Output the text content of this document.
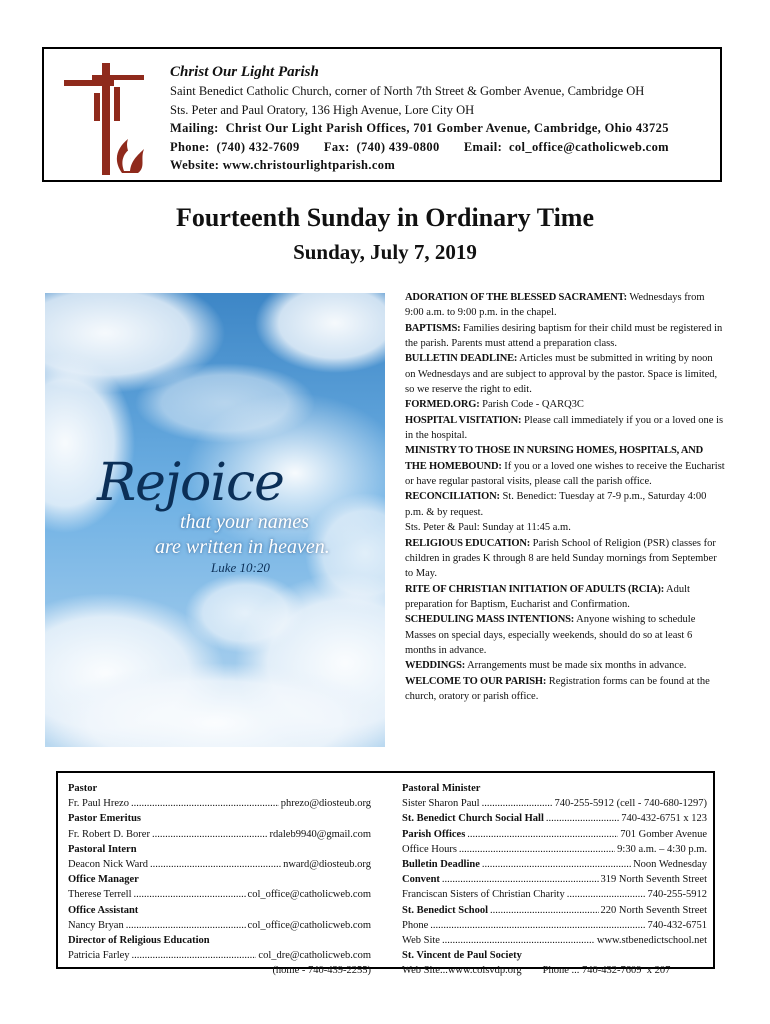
Christ Our Light Parish
Saint Benedict Catholic Church, corner of North 7th Street & Gomber Avenue, Cambridge OH
Sts. Peter and Paul Oratory, 136 High Avenue, Lore City OH
Mailing:  Christ Our Light Parish Offices, 701 Gomber Avenue, Cambridge, Ohio 43725
Phone:  (740) 432-7609       Fax:  (740) 439-0800       Email:  col_office@catholicweb.com
Website: www.christourlightparish.com
Fourteenth Sunday in Ordinary Time
Sunday, July 7, 2019
Rejoice
that your names
are written in heaven.
Luke 10:20

ADORATION OF THE BLESSED SACRAMENT: Wednesdays from 9:00 a.m. to 9:00 p.m. in the chapel.

BAPTISMS: Families desiring baptism for their child must be registered in the parish. Parents must attend a preparation class.

BULLETIN DEADLINE: Articles must be submitted in writing by noon on Wednesdays and are subject to approval by the pastor. Space is limited, so we reserve the right to edit.

FORMED.ORG: Parish Code - QARQ3C

HOSPITAL VISITATION: Please call immediately if you or a loved one is in the hospital.

MINISTRY TO THOSE IN NURSING HOMES, HOSPITALS, AND THE HOMEBOUND: If you or a loved one wishes to receive the Eucharist or have regular pastoral visits, please call the parish office.

RECONCILIATION: St. Benedict: Tuesday at 7-9 p.m., Saturday 4:00 p.m. & by request.

Sts. Peter & Paul: Sunday at 11:45 a.m.

RELIGIOUS EDUCATION: Parish School of Religion (PSR) classes for children in grades K through 8 are held Sunday mornings from September to May.

RITE OF CHRISTIAN INITIATION OF ADULTS (RCIA): Adult preparation for Baptism, Eucharist and Confirmation.

SCHEDULING MASS INTENTIONS: Anyone wishing to schedule Masses on special days, especially weekends, should do so at least 6 months in advance.

WEDDINGS: Arrangements must be made six months in advance.

WELCOME TO OUR PARISH: Registration forms can be found at the church, oratory or parish office.

Pastor
Fr. Paul Hrezo .....	phrezo@diosteub.org
Pastor Emeritus
Fr. Robert D. Borer .....	rdaleb9940@gmail.com
Pastoral Intern
Deacon Nick Ward .....	nward@diosteub.org
Office Manager
Therese Terrell .....	col_office@catholicweb.com
Office Assistant
Nancy Bryan .....	col_office@catholicweb.com
Director of Religious Education
Patricia Farley .....	col_dre@catholicweb.com
(home - 740-439-2255)
Pastoral Minister
Sister Sharon Paul .....	740-255-5912 (cell - 740-680-1297)
St. Benedict Church Social Hall .....	740-432-6751 x 123
Parish Offices .....	701 Gomber Avenue
Office Hours .....	9:30 a.m. – 4:30 p.m.
Bulletin Deadline .....	Noon Wednesday
Convent .....	319 North Seventh Street
Franciscan Sisters of Christian Charity .....	740-255-5912
St. Benedict School .....	220 North Seventh Street
Phone .....	740-432-6751
Web Site .....	www.stbenedictschool.net
St. Vincent de Paul Society
Web Site...www.colsvdp.org        Phone ... 740-432-7609  x 207
